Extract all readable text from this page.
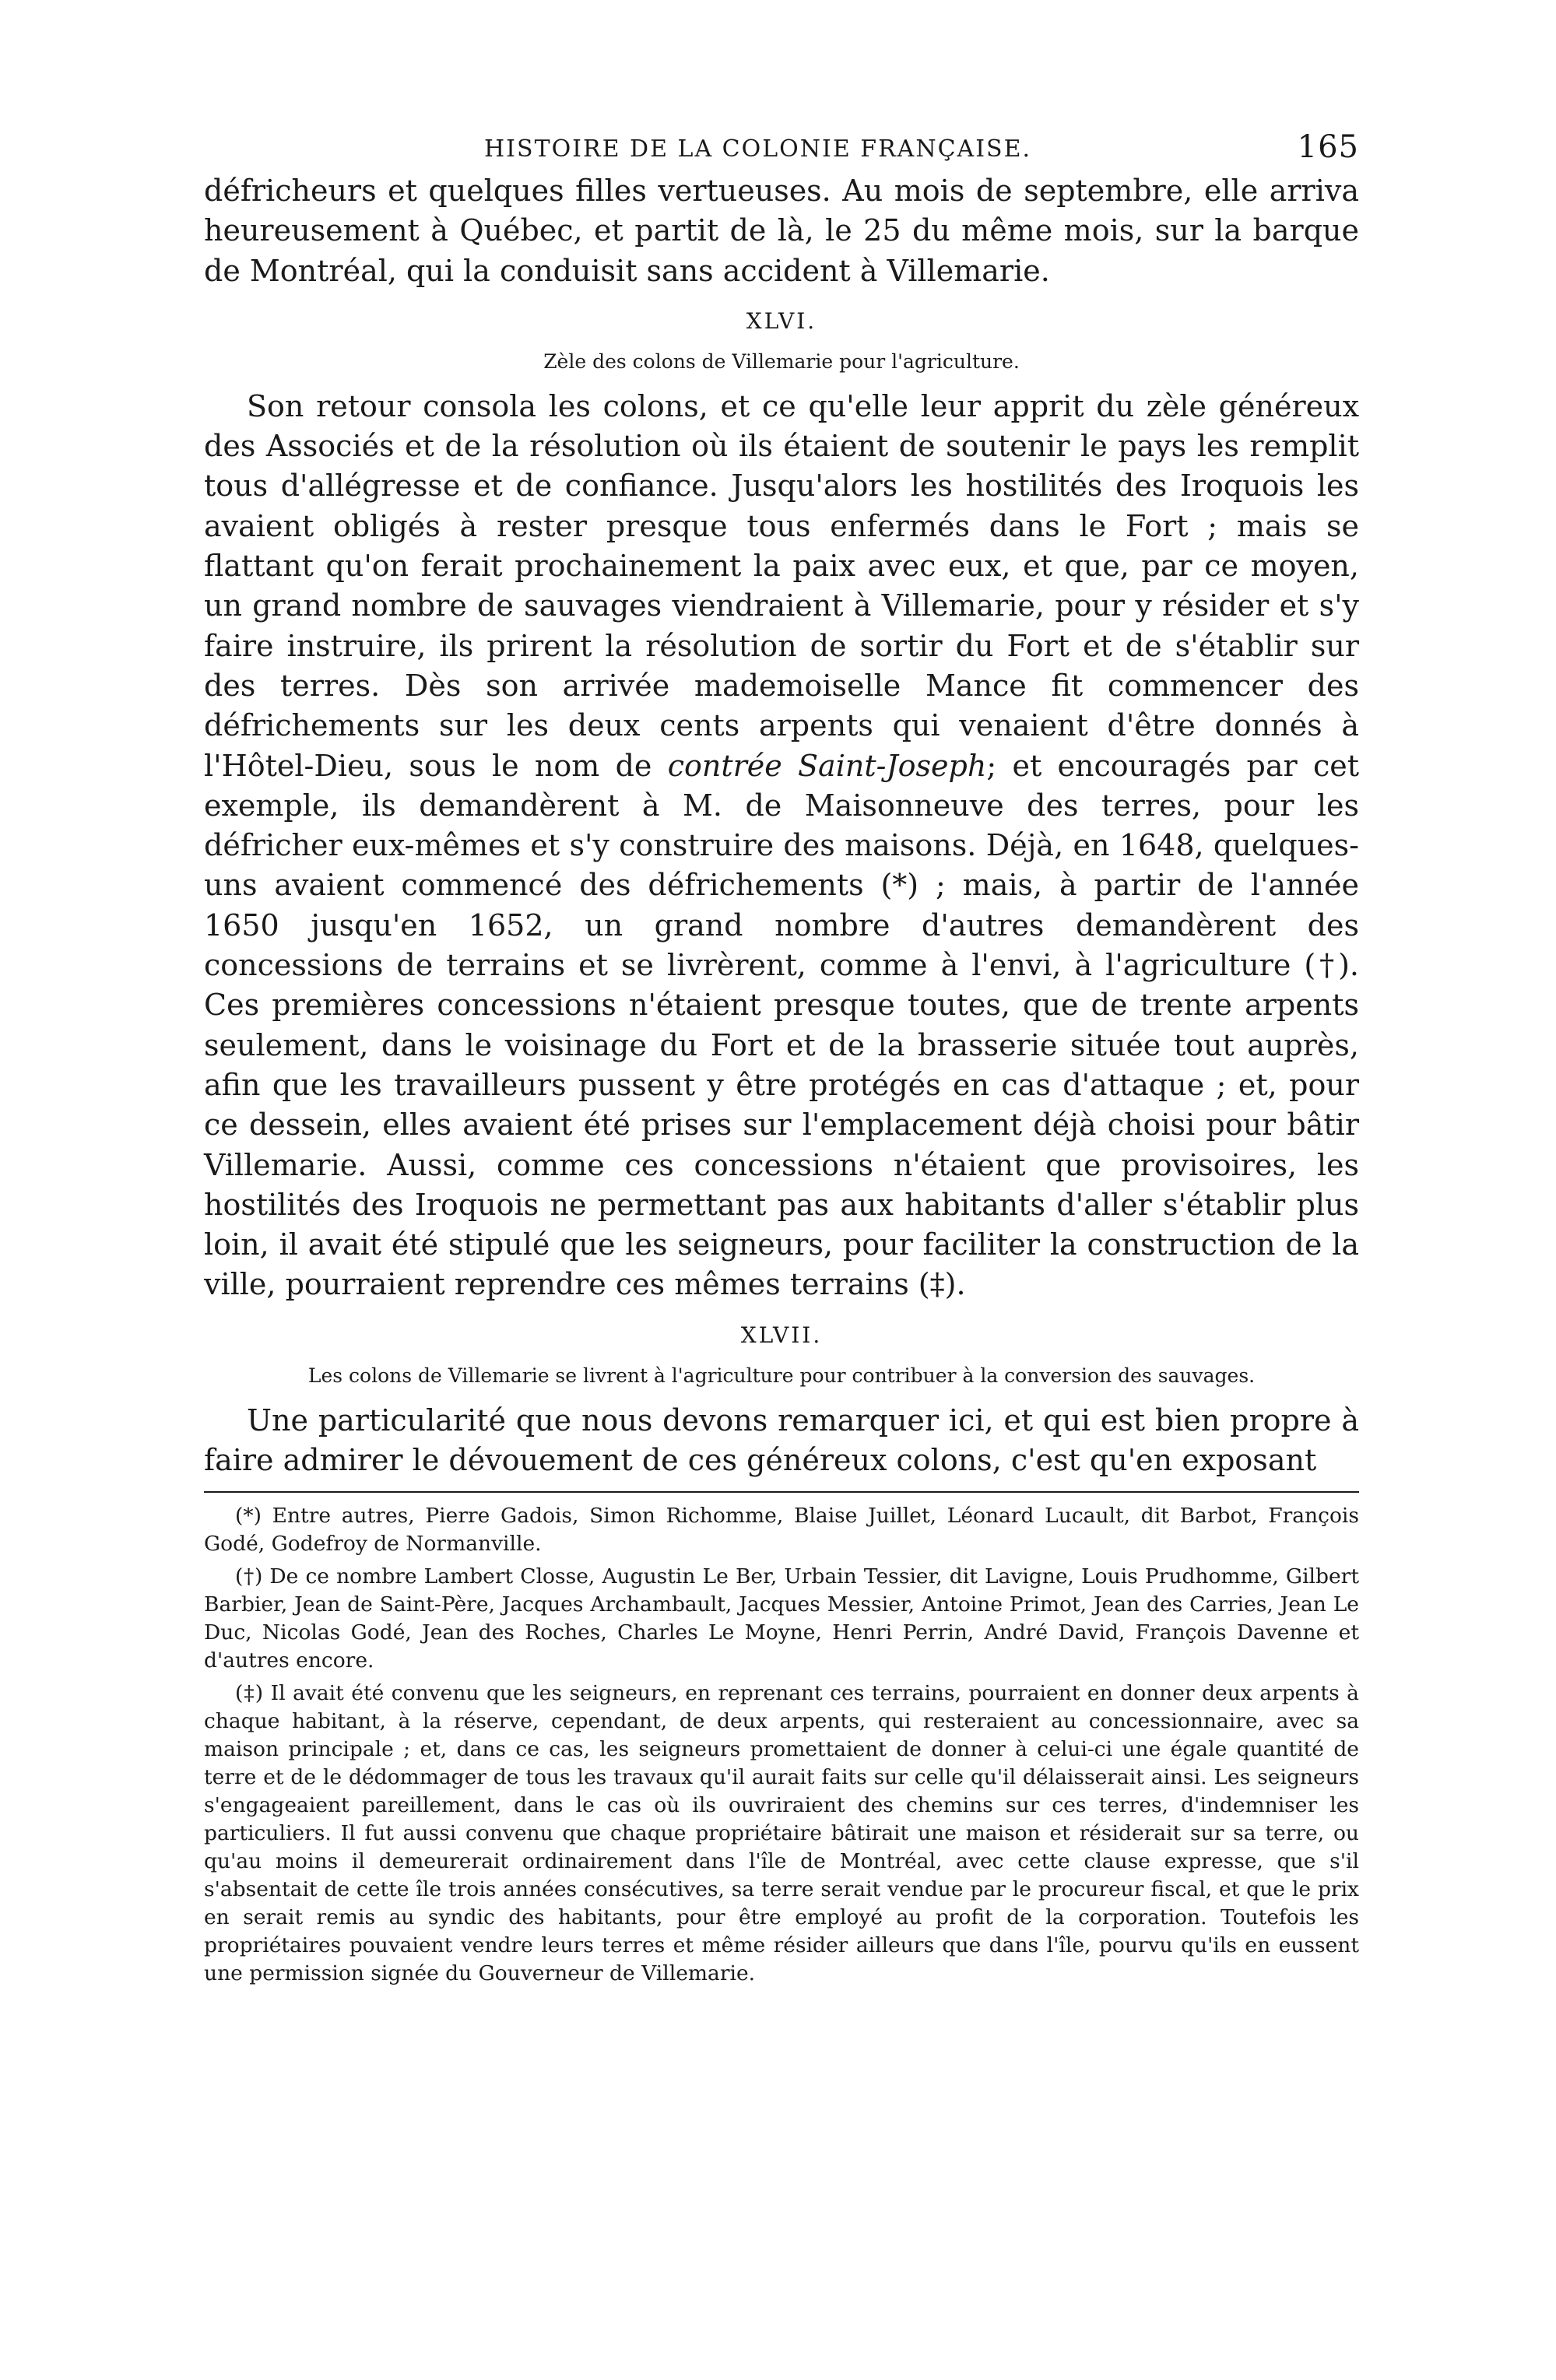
HISTOIRE DE LA COLONIE FRANÇAISE.	165

défricheurs et quelques filles vertueuses. Au mois de septembre, elle arriva heureusement à Québec, et partit de là, le 25 du même mois, sur la barque de Montréal, qui la conduisit sans accident à Villemarie.

XLVI.
Zèle des colons de Villemarie pour l'agriculture.

Son retour consola les colons, et ce qu'elle leur apprit du zèle généreux des Associés et de la résolution où ils étaient de soutenir le pays les remplit tous d'allégresse et de confiance. Jusqu'alors les hostilités des Iroquois les avaient obligés à rester presque tous enfermés dans le Fort ; mais se flattant qu'on ferait prochainement la paix avec eux, et que, par ce moyen, un grand nombre de sauvages viendraient à Villemarie, pour y résider et s'y faire instruire, ils prirent la résolution de sortir du Fort et de s'établir sur des terres. Dès son arrivée mademoiselle Mance fit commencer des défrichements sur les deux cents arpents qui venaient d'être donnés à l'Hôtel-Dieu, sous le nom de contrée Saint-Joseph; et encouragés par cet exemple, ils demandèrent à M. de Maisonneuve des terres, pour les défricher eux-mêmes et s'y construire des maisons. Déjà, en 1648, quelques-uns avaient commencé des défrichements (*) ; mais, à partir de l'année 1650 jusqu'en 1652, un grand nombre d'autres demandèrent des concessions de terrains et se livrèrent, comme à l'envi, à l'agriculture (†). Ces premières concessions n'étaient presque toutes, que de trente arpents seulement, dans le voisinage du Fort et de la brasserie située tout auprès, afin que les travailleurs pussent y être protégés en cas d'attaque ; et, pour ce dessein, elles avaient été prises sur l'emplacement déjà choisi pour bâtir Villemarie. Aussi, comme ces concessions n'étaient que provisoires, les hostilités des Iroquois ne permettant pas aux habitants d'aller s'établir plus loin, il avait été stipulé que les seigneurs, pour faciliter la construction de la ville, pourraient reprendre ces mêmes terrains (‡).

XLVII.
Les colons de Villemarie se livrent à l'agriculture pour contribuer à la conversion des sauvages.

Une particularité que nous devons remarquer ici, et qui est bien propre à faire admirer le dévouement de ces généreux colons, c'est qu'en exposant

(*) Entre autres, Pierre Gadois, Simon Richomme, Blaise Juillet, Léonard Lucault, dit Barbot, François Godé, Godefroy de Normanville.

(†) De ce nombre Lambert Closse, Augustin Le Ber, Urbain Tessier, dit Lavigne, Louis Prudhomme, Gilbert Barbier, Jean de Saint-Père, Jacques Archambault, Jacques Messier, Antoine Primot, Jean des Carries, Jean Le Duc, Nicolas Godé, Jean des Roches, Charles Le Moyne, Henri Perrin, André David, François Davenne et d'autres encore.

(‡) Il avait été convenu que les seigneurs, en reprenant ces terrains, pourraient en donner deux arpents à chaque habitant, à la réserve, cependant, de deux arpents, qui resteraient au concessionnaire, avec sa maison principale ; et, dans ce cas, les seigneurs promettaient de donner à celui-ci une égale quantité de terre et de le dédommager de tous les travaux qu'il aurait faits sur celle qu'il délaisserait ainsi. Les seigneurs s'engageaient pareillement, dans le cas où ils ouvriraient des chemins sur ces terres, d'indemniser les particuliers. Il fut aussi convenu que chaque propriétaire bâtirait une maison et résiderait sur sa terre, ou qu'au moins il demeurerait ordinairement dans l'île de Montréal, avec cette clause expresse, que s'il s'absentait de cette île trois années consécutives, sa terre serait vendue par le procureur fiscal, et que le prix en serait remis au syndic des habitants, pour être employé au profit de la corporation. Toutefois les propriétaires pouvaient vendre leurs terres et même résider ailleurs que dans l'île, pourvu qu'ils en eussent une permission signée du Gouverneur de Villemarie.
